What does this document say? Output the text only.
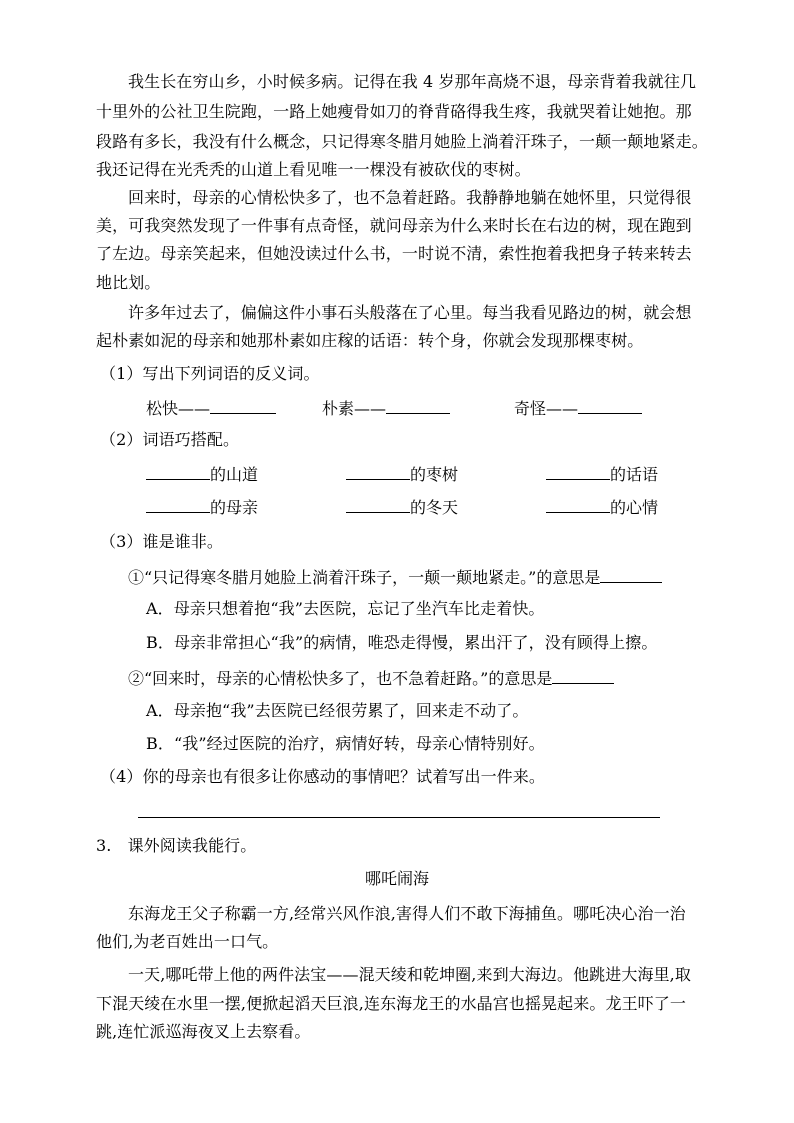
我生长在穷山乡，小时候多病。记得在我 4 岁那年高烧不退，母亲背着我就往几
十里外的公社卫生院跑，一路上她瘦骨如刀的脊背硌得我生疼，我就哭着让她抱。那
段路有多长，我没有什么概念，只记得寒冬腊月她脸上淌着汗珠子，一颠一颠地紧走。
我还记得在光秃秃的山道上看见唯一一棵没有被砍伐的枣树。
回来时，母亲的心情松快多了，也不急着赶路。我静静地躺在她怀里，只觉得很
美，可我突然发现了一件事有点奇怪，就问母亲为什么来时长在右边的树，现在跑到
了左边。母亲笑起来，但她没读过什么书，一时说不清，索性抱着我把身子转来转去
地比划。
许多年过去了，偏偏这件小事石头般落在了心里。每当我看见路边的树，就会想
起朴素如泥的母亲和她那朴素如庄稼的话语：转个身，你就会发现那棵枣树。
（1）写出下列词语的反义词。
松快——	朴素——	奇怪——
（2）词语巧搭配。
的山道	的枣树	的话语
的母亲	的冬天	的心情
（3）谁是谁非。
①“只记得寒冬腊月她脸上淌着汗珠子，一颠一颠地紧走。”的意思是
A．母亲只想着抱“我”去医院，忘记了坐汽车比走着快。
B．母亲非常担心“我”的病情，唯恐走得慢，累出汗了，没有顾得上擦。
②“回来时，母亲的心情松快多了，也不急着赶路。”的意思是
A．母亲抱“我”去医院已经很劳累了，回来走不动了。
B．“我”经过医院的治疗，病情好转，母亲心情特别好。
（4）你的母亲也有很多让你感动的事情吧？试着写出一件来。
3.　课外阅读我能行。
哪吒闹海
东海龙王父子称霸一方,经常兴风作浪,害得人们不敢下海捕鱼。哪吒决心治一治
他们,为老百姓出一口气。
一天,哪吒带上他的两件法宝——混天绫和乾坤圈,来到大海边。他跳进大海里,取
下混天绫在水里一摆,便掀起滔天巨浪,连东海龙王的水晶宫也摇晃起来。龙王吓了一
跳,连忙派巡海夜叉上去察看。
